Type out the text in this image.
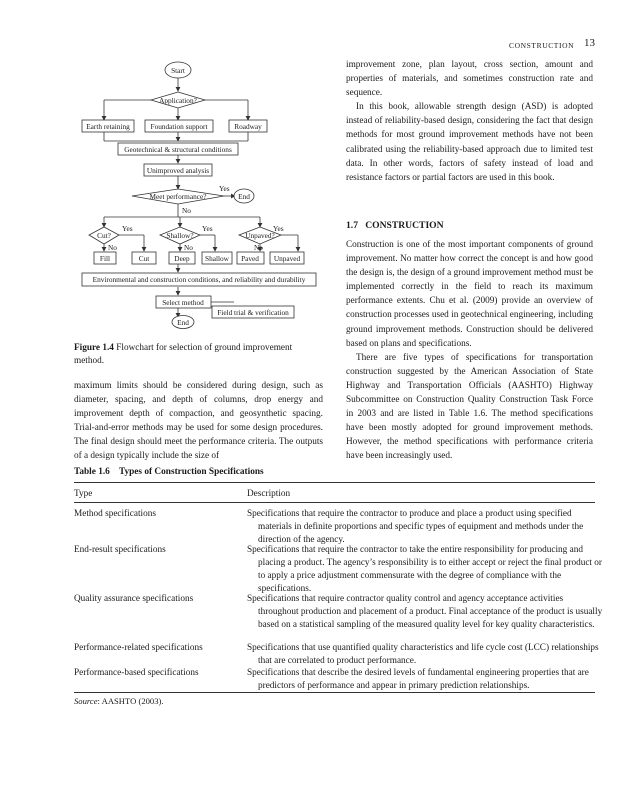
CONSTRUCTION 13
Start
Application?
Earth retaining	Foundation support	Roadway
Geotechnical & structural conditions
Unimproved analysis
Meet performance?
Yes
End
No
Cut?
Yes
No
Shallow?
Yes
No
Unpaved?
Yes
No
Fill	Cut	Deep Shallow Paved Unpaved
Environmental and construction conditions, and reliability and durability
Select method
Field trial & verification
End
Figure 1.4 Flowchart for selection of ground improvement method.

maximum limits should be considered during design, such as diameter, spacing, and depth of columns, drop energy and improvement depth of compaction, and geosynthetic spacing. Trial-and-error methods may be used for some design procedures. The final design should meet the performance criteria. The outputs of a design typically include the size of

improvement zone, plan layout, cross section, amount and properties of materials, and sometimes construction rate and sequence.

In this book, allowable strength design (ASD) is adopted instead of reliability-based design, considering the fact that design methods for most ground improvement methods have not been calibrated using the reliability-based approach due to limited test data. In other words, factors of safety instead of load and resistance factors or partial factors are used in this book.

1.7 CONSTRUCTION

Construction is one of the most important components of ground improvement. No matter how correct the concept is and how good the design is, the design of a ground improvement method must be implemented correctly in the field to reach its maximum performance extents. Chu et al. (2009) provide an overview of construction processes used in geotechnical engineering, including ground improvement methods. Construction should be delivered based on plans and specifications.

There are five types of specifications for transportation construction suggested by the American Association of State Highway and Transportation Officials (AASHTO) Highway Subcommittee on Construction Quality Construction Task Force in 2003 and are listed in Table 1.6. The method specifications have been mostly adopted for ground improvement methods. However, the method specifications with performance criteria have been increasingly used.

Table 1.6 Types of Construction Specifications
Type	Description
Method specifications	Specifications that require the contractor to produce and place a product using specified materials in definite proportions and specific types of equipment and methods under the direction of the agency.
End-result specifications	Specifications that require the contractor to take the entire responsibility for producing and placing a product. The agency’s responsibility is to either accept or reject the final product or to apply a price adjustment commensurate with the degree of compliance with the specifications.
Quality assurance specifications	Specifications that require contractor quality control and agency acceptance activities throughout production and placement of a product. Final acceptance of the product is usually based on a statistical sampling of the measured quality level for key quality characteristics.
Performance-related specifications	Specifications that use quantified quality characteristics and life cycle cost (LCC) relationships that are correlated to product performance.
Performance-based specifications	Specifications that describe the desired levels of fundamental engineering properties that are predictors of performance and appear in primary prediction relationships.
Source: AASHTO (2003).
